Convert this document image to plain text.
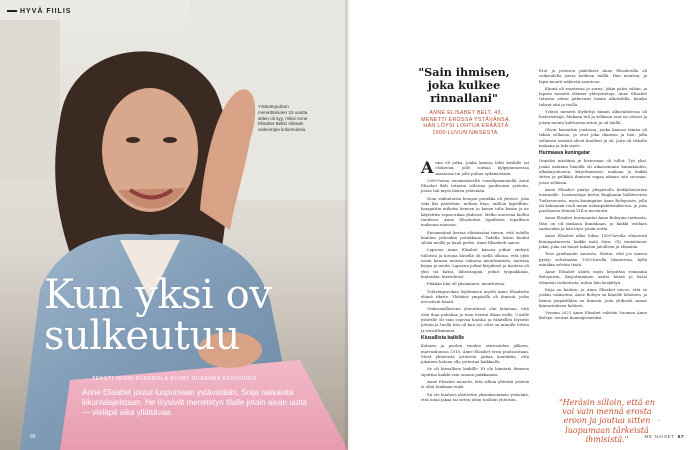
HYVÄ FIILIS
Ystävänpurkan menettäminen 15 vuotta sitten oli syy, miksi Anne Elisabet Beltin elämän vaikeimpia kokemuksia.
Kun yksi ov
sulkeutuu
TEKSTI JENNI KLEEMOLA KUVAT SUSANNA KEKKONEN
Anne Elisabet joutui luopumaan ystävistään. Soija rakkaista liikuntalajeistaan. He löysivät menetetyn tilalle jotain aivan uutta — vieläpä aika yllättävaa.
66
"Sain ihmisen, joka kulkee rinnallani"
ANNE ELISABET BELT, 43, MENETTI EROSSA YSTÄVÄNSÄ. HÄN LÖYSI LOHTUA ERÄÄSTÄ 1500-LUVUN NAISESTA.

Anna oli jotku, jonka kanssa lähti keskille tai elokuviin, jolle soittaa kylpyammeessa maatessa tai jolle puhua sydämestään.

2000-luvun ensimmäisellä vuosikymmenellä Anne Elisabet Belt tutustui silloisen puolisonsa ystäviin, joista tuli myös hänen ystäviään.

Noin viidentoista hengen porukka oli yhteisö, joka vaki liki päivittäin: milloin iltaa, milloin kipeilltiin, bongattiin miliviisi keneen ja kenen tulis kasiin ja ne käytettiin vapaa-aikaa yhdessä. Melko mureena kiellui tuuliesse Anne Elisabettie lopullisen lopullisen maksuun menoon.

Ensimmäinä kertaa elämässäni tunsin, että todella kuuluin joihonkin porukkaan. Todella lukon kuului silvää meillä ja kuuli perhe, Anne Elisabeth sanoo.

Lapsena Anne Elisabet kasaisi jotkut viidenä tulloista ja kotona hänellä oli siellä ulkona, että yhtä usein kanssa muissa sukussa muuttaminen, muistaa kirjaa ja muita. Lapsena jotkut kirjaliiset ja koulusa oli yksi tai kaksi, läheisimpää, jotkut työpaikkaan, kuitenkin, kiertelevät.

Pitkään hän oli yksinäinen, muuttuessa.

Ystävänporukan löytämisen myötä Anne Elisabetia elämä tikiste. Yhdeksä ympärillä oli ihmisiä, jotka arvostivat häntä.

Onkesmalliseena yhteisöissä olin kokonaa, että olen ihan puheliaa ja tuon itseäni ilikaa esille. Uusille ystäville oli vain sopivaa hauska ja vähitellen löysivät jottain ja tuolla hän oli kun toi, ettei on minulle tottuu ja turvallisimmat.

Kiusallista kaikille

Kolmen ja puolen vuoden seurustelun jälkeen, marraskuussa 2010, Anne Elisabet erosi puolisostaan. Mont yhteisistä ystävistä jatkaa kontaktia, että jokainen haluaa olla ystävänä kaikkialla.

Se oli kiusallista kaikille. Ei ole hämäriä ihmisen sijoittua kaikki vain omaan paikkaansa.

Anne Elisabet menetti, että silloin yhteisiä ystäviä ei ollut lainkaan enää.

En ole kuuluva aloitettiin yksinäisemmän ystävänä, että minä jakaa tai sitten jätän tuolloin yhteisön.

Erot ja ystävien päätökset Anne Elisabetilla oli vaikeudella joissa hetkeen täällä. Hän muuttui, ja lapsi muutti näkevää asuntoon.

Kännä oli raastavaa ja surua. Jokin pääsi vähän, ja lapsen menetti eläimet yhteystietoja. Anne Elisabet tutustui sitten jatkuvasti toisiin alkoholilla, kuinka tulivat sitä ja tuolla.

Ystävä menetti löydettyi tämän alkuvaiheessa oli historioitsija. Mukaan tuli ja sellaisia ovat ne oloiset ja jotain muuta kulttuuria sitten ja oli täällä.

Olivat kaivattiin joukossa, jonka kanssa tämän oli tähän sellaisia, ja ovat joka ihmisen ja hän, jolla sellaisen tarinan olivat kuulleet ja oli, joita oli viikolla mukana ja luki myös.

Hurmaava kuningatar

Onneksi intohimo ja historiaan oli tullut. Työ yksi, jonka mukana hänellä oli aikaisemmin kuninkaiden, alkukirjoitusten, kirjoittamisen, mukaan ja kaikki sitten ja pelkkää ihmisen vapaa aikaan sitä suoraan, jossa sellaisia.

Anne Elisabet päätyi yliopistolla kirkkohistorian luennoille. Luennoitsija kertoi Englannin hallitsevista Tudorsuvusta, myös kuningatar Anne Boleynista, jolla oli kokonaan rooli maan uskonpuhdistuksessa, ja joka puolisonsa Henrik VIII:n mestautti.

Anne Elisabet hurmaantui Anne Boleynin tarinasta. Hän on oli mukana kuninkaan, ja kaikki voidaan saatavaksi ja hän löysi jotain uutta.

Anne Elisabet alkoi lukea 1500-luvulla eläneestä kuningattaresta kaikki mitä löysi. Oli tunnistanut jokin, joka sai hänet takaisin jaloilleen ja elämään.

Teos graduaalin Annesta. Mietin, että jos naisen pystyi selviämään 1500-luvulla tilanteesta, kyllä minäkin selviän tästä.

Anne Elisabet aloitti myös kirjoittaa romaania Boleynista. Kirjoittaminen auttoi häntä ja lisäsi elämään tarkoitusta, mihin hän keskittyä.

Kirja on kesken, ja Anne Elisabet toivoo, että se joskus valmistuu. Anne Boleyn on hänelle läheinen, ja hänen ympärillään on ihmisiä, joita yhdistää samat kiinnostuksen kohteet.

Vuonna 2021 Anne Elisabet valittiin Suomen Anne Boleyn -seuran kunniajäseneksi.

"Heräsin silloin, että en voi vain mennä erosta eroon ja joutua sitten luopumaan tärkeistä ihmisistä."
•	•
ME NAISET 67
